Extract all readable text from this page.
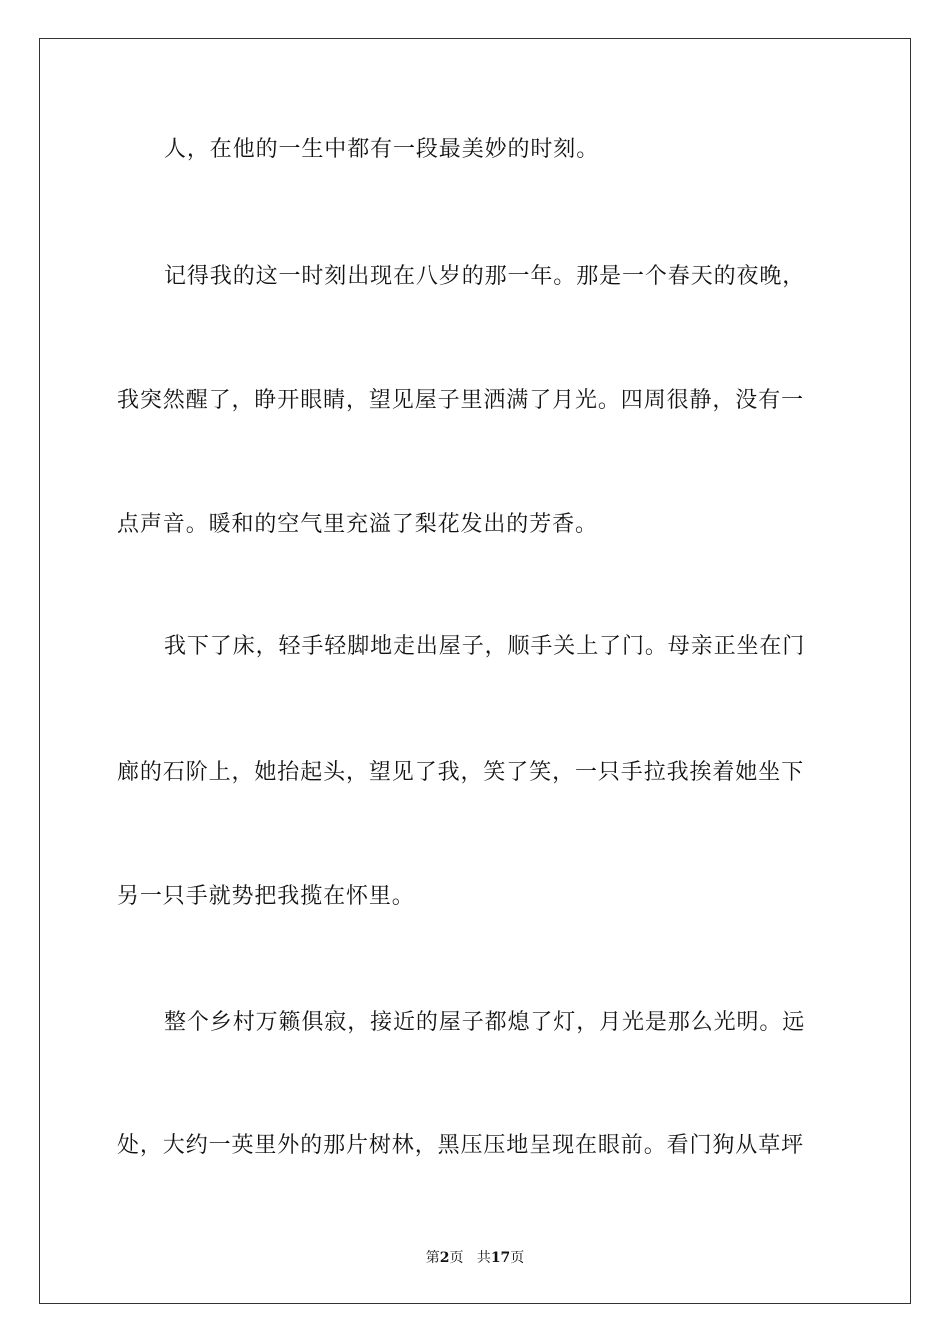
人，在他的一生中都有一段最美妙的时刻。
记得我的这一时刻出现在八岁的那一年。那是一个春天的夜晚，
我突然醒了，睁开眼睛，望见屋子里洒满了月光。四周很静，没有一
点声音。暖和的空气里充溢了梨花发出的芳香。
我下了床，轻手轻脚地走出屋子，顺手关上了门。母亲正坐在门
廊的石阶上，她抬起头，望见了我，笑了笑，一只手拉我挨着她坐下
另一只手就势把我揽在怀里。
整个乡村万籁俱寂，接近的屋子都熄了灯，月光是那么光明。远
处，大约一英里外的那片树林，黑压压地呈现在眼前。看门狗从草坪
第2页 共17页
